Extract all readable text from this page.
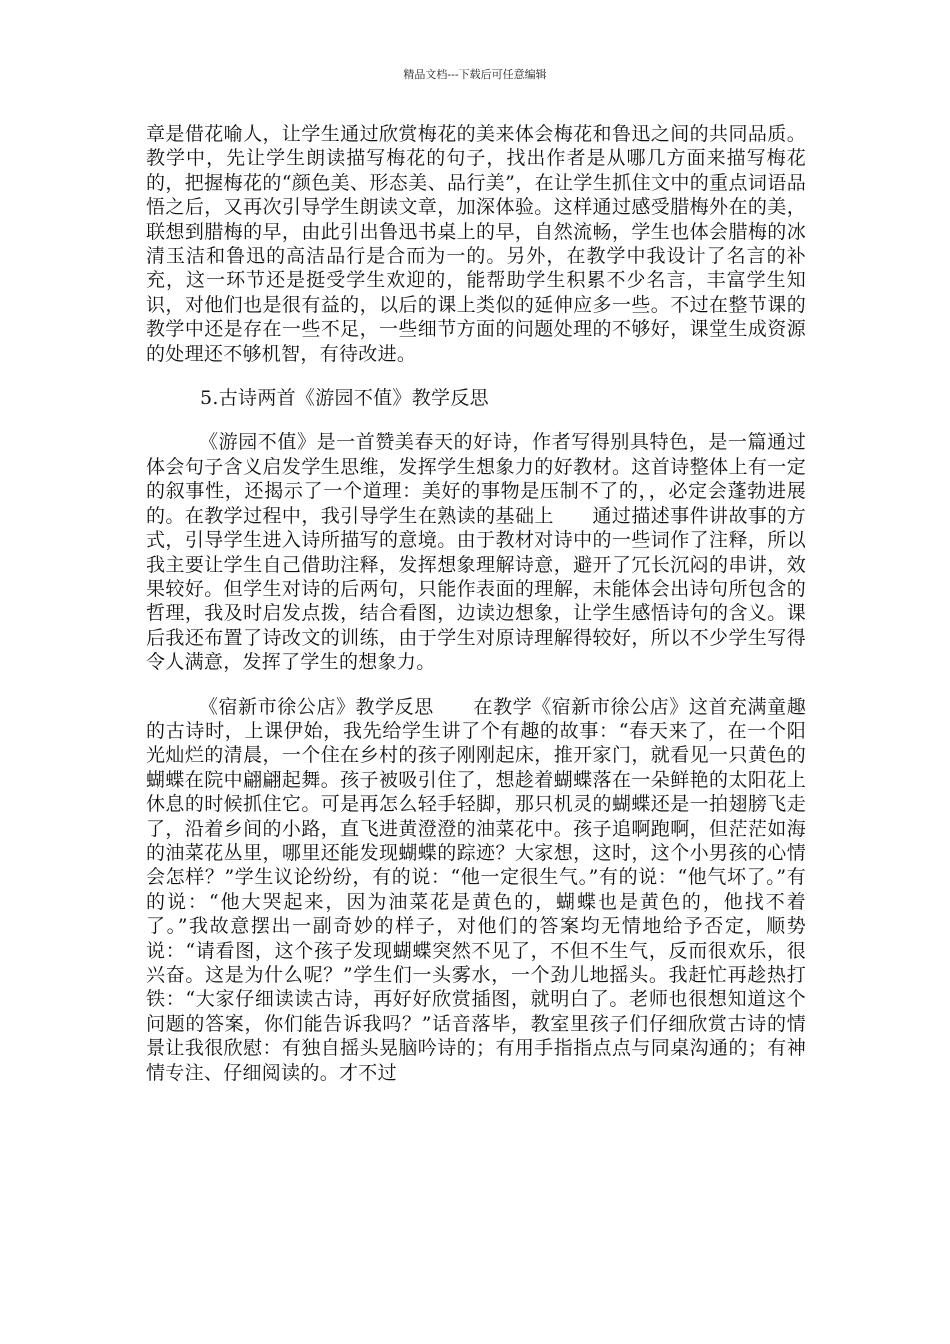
精品文档---下载后可任意编辑

章是借花喻人，让学生通过欣赏梅花的美来体会梅花和鲁迅之间的共同品质。教学中，先让学生朗读描写梅花的句子，找出作者是从哪几方面来描写梅花的，把握梅花的“颜色美、形态美、品行美”，在让学生抓住文中的重点词语品悟之后，又再次引导学生朗读文章，加深体验。这样通过感受腊梅外在的美，联想到腊梅的早，由此引出鲁迅书桌上的早，自然流畅，学生也体会腊梅的冰清玉洁和鲁迅的高洁品行是合而为一的。另外，在教学中我设计了名言的补充，这一环节还是挺受学生欢迎的，能帮助学生积累不少名言，丰富学生知识，对他们也是很有益的，以后的课上类似的延伸应多一些。不过在整节课的教学中还是存在一些不足，一些细节方面的问题处理的不够好，课堂生成资源的处理还不够机智，有待改进。

5.古诗两首《游园不值》教学反思

《游园不值》是一首赞美春天的好诗，作者写得别具特色，是一篇通过体会句子含义启发学生思维，发挥学生想象力的好教材。这首诗整体上有一定的叙事性，还揭示了一个道理：美好的事物是压制不了的，，必定会蓬勃进展的。在教学过程中，我引导学生在熟读的基础上      通过描述事件讲故事的方式，引导学生进入诗所描写的意境。由于教材对诗中的一些词作了注释，所以我主要让学生自己借助注释，发挥想象理解诗意，避开了冗长沉闷的串讲，效果较好。但学生对诗的后两句，只能作表面的理解，未能体会出诗句所包含的哲理，我及时启发点拨，结合看图，边读边想象，让学生感悟诗句的含义。课后我还布置了诗改文的训练，由于学生对原诗理解得较好，所以不少学生写得令人满意，发挥了学生的想象力。

《宿新市徐公店》教学反思      在教学《宿新市徐公店》这首充满童趣的古诗时，上课伊始，我先给学生讲了个有趣的故事：“春天来了，在一个阳光灿烂的清晨，一个住在乡村的孩子刚刚起床，推开家门，就看见一只黄色的蝴蝶在院中翩翩起舞。孩子被吸引住了，想趁着蝴蝶落在一朵鲜艳的太阳花上休息的时候抓住它。可是再怎么轻手轻脚，那只机灵的蝴蝶还是一拍翅膀飞走了，沿着乡间的小路，直飞进黄澄澄的油菜花中。孩子追啊跑啊，但茫茫如海的油菜花丛里，哪里还能发现蝴蝶的踪迹？大家想，这时，这个小男孩的心情会怎样？”学生议论纷纷，有的说：“他一定很生气。”有的说：“他气坏了。”有的说：“他大哭起来，因为油菜花是黄色的，蝴蝶也是黄色的，他找不着了。”我故意摆出一副奇妙的样子，对他们的答案均无情地给予否定，顺势说：“请看图，这个孩子发现蝴蝶突然不见了，不但不生气，反而很欢乐，很兴奋。这是为什么呢？”学生们一头雾水，一个劲儿地摇头。我赶忙再趁热打铁：“大家仔细读读古诗，再好好欣赏插图，就明白了。老师也很想知道这个问题的答案，你们能告诉我吗？”话音落毕，教室里孩子们仔细欣赏古诗的情景让我很欣慰：有独自摇头晃脑吟诗的；有用手指指点点与同桌沟通的；有神情专注、仔细阅读的。才不过
